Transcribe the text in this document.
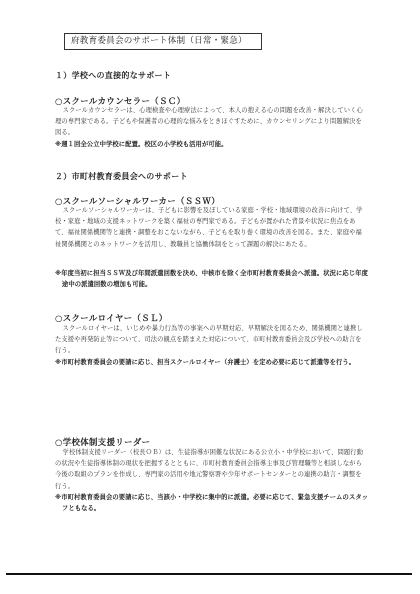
府教育委員会のサポート体制（日常・緊急）
１）学校への直接的なサポート
○スクールカウンセラー（ＳＣ）
スクールカウンセラーは、心理検査や心理療法によって、本人の抱える心の問題を改善・解決していく心理の専門家である。子どもや保護者の心理的な悩みをときほぐすために、カウンセリングにより問題解決を図る。
※週１回全公立中学校に配置。校区の小学校も活用が可能。
２）市町村教育委員会へのサポート
○スクールソーシャルワーカー（ＳＳＷ）
スクールソーシャルワーカーは、子どもに影響を及ぼしている家庭・学校・地域環境の改善に向けて、学校・家庭・地域の支援ネットワークを築く福祉の専門家である。子どもが置かれた背景や状況に焦点をあて、福祉関係機関等と連携・調整をおこないながら、子どもを取り巻く環境の改善を図る。また、家庭や福祉関係機関とのネットワークを活用し、教職員と協働体制をとって課題の解決にあたる。
※年度当初に担当ＳＳＷ及び年間派遣回数を決め、中核市を除く全市町村教育委員会へ派遣。状況に応じ年度途中の派遣回数の増加も可能。
○スクールロイヤー（ＳＬ）
スクールロイヤーは、いじめや暴力行為等の事案への早期対応、早期解決を図るため、関係機関と連携した支援や再発防止等について、司法の観点を踏まえた対応について、市町村教育委員会及び学校への助言を行う。
※市町村教育委員会の要請に応じ、担当スクールロイヤー（弁護士）を定め必要に応じて派遣等を行う。
○学校体制支援リーダー
学校体制支援リーダー（校長ＯＢ）は、生徒指導が困難な状況にある公立小・中学校において、問題行動の状況や生徒指導体制の現状を把握するとともに、市町村教育委員会指導主事及び管理職等と相談しながら今後の取組のプランを作成し、専門家の活用や地元警察署や少年サポートセンターとの連携の助言・調整を行う。
※市町村教育委員会の要請に応じ、当該小・中学校に集中的に派遣。必要に応じて、緊急支援チームのスタッフともなる。
